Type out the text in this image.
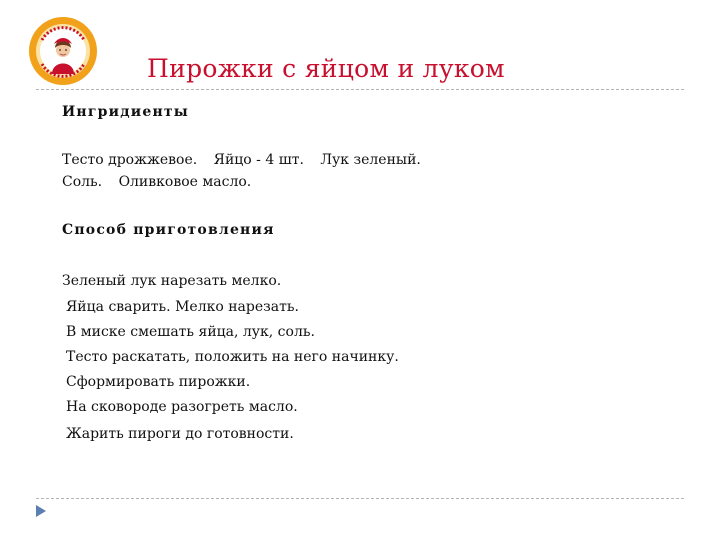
Пирожки с яйцом и луком
Ингридиенты
Тесто дрожжевое. Яйцо - 4 шт. Лук зеленый.
Соль. Оливковое масло.
Способ приготовления
Зеленый лук нарезать мелко.
Яйца сварить. Мелко нарезать.
В миске смешать яйца, лук, соль.
Тесто раскатать, положить на него начинку.
Сформировать пирожки.
На сковороде разогреть масло.
Жарить пироги до готовности.
